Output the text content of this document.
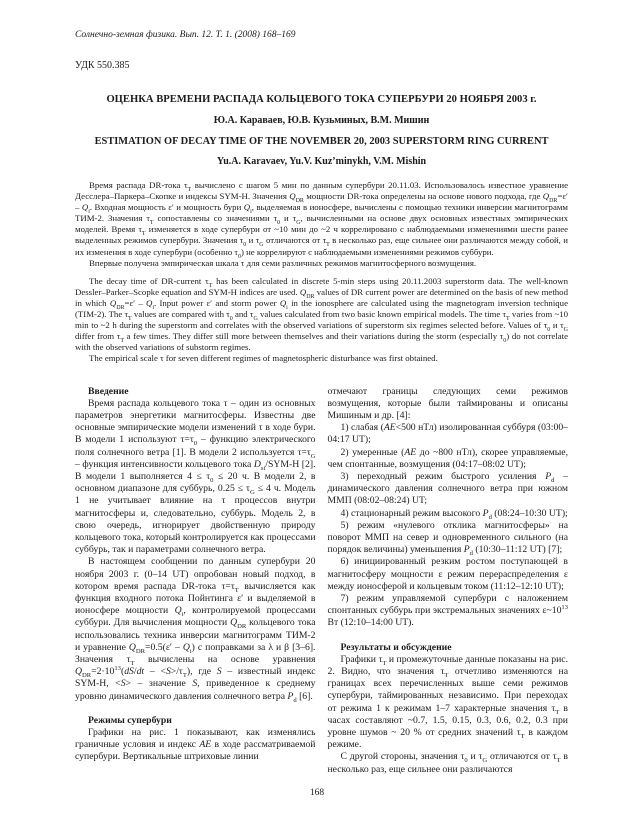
Солнечно-земная физика. Вып. 12. Т. 1. (2008) 168–169
УДК 550.385
ОЦЕНКА ВРЕМЕНИ РАСПАДА КОЛЬЦЕВОГО ТОКА СУПЕРБУРИ 20 НОЯБРЯ 2003 г.
Ю.А. Караваев, Ю.В. Кузьминых, В.М. Мишин
ESTIMATION OF DECAY TIME OF THE NOVEMBER 20, 2003 SUPERSTORM RING CURRENT
Yu.A. Karavaev, Yu.V. Kuz’minykh, V.M. Mishin

Время распада DR-тока $\tau_Т$ вычислено с шагом 5 мин по данным супербури 20.11.03. Использовалось известное уравнение Десслера–Паркера–Скопке и индексы SYM-H. Значения $Q_{DR}$ мощности DR-тока определены на основе нового подхода, где $Q_{DR}=\varepsilon' - Q_i$. Входная мощность ε′ и мощность бури $Q_i$, выделяемая в ионосфере, вычислены с помощью техники инверсии магнитограмм ТИМ-2. Значения $\tau_Т$ сопоставлены со значениями $\tau_0$ и $\tau_G$, вычисленными на основе двух основных известных эмпирических моделей. Время $\tau_Т$ изменяется в ходе супербури от ~10 мин до ~2 ч коррелировано с наблюдаемыми изменениями шести ранее выделенных режимов супербури. Значения $\tau_0$ и $\tau_G$ отличаются от $\tau_Т$ в несколько раз, еще сильнее они различаются между собой, и их изменения в ходе супербури (особенно $\tau_0$) не коррелируют с наблюдаемыми изменениями режимов суббури.

Впервые получена эмпирическая шкала τ для семи различных режимов магнитосферного возмущения.

The decay time of DR-current $\tau_T$ has been calculated in discrete 5-min steps using 20.11.2003 superstorm data. The well-known Dessler–Parker–Scopke equation and SYM-H indices are used. $Q_{DR}$ values of DR current power are determined on the basis of new method in which $Q_{DR}=\varepsilon' - Q_i$. Input power ε′ and storm power $Q_i$ in the ionosphere are calculated using the magnetogram inversion technique (TIM-2). The $\tau_T$ values are compared with $\tau_0$ and $\tau_G$ values calculated from two basic known empirical models. The time $\tau_T$ varies from ~10 min to ~2 h during the superstorm and correlates with the observed variations of superstorm six regimes selected before. Values of $\tau_0$ и $\tau_G$ differ from $\tau_T$ a few times. They differ still more between themselves and their variations during the storm (especially $\tau_0$) do not correlate with the observed variations of substorm regimes.

The empirical scale τ for seven different regimes of magnetospheric disturbance was first obtained.

Введение

Время распада кольцевого тока τ – один из основных параметров энергетики магнитосферы. Известны две основные эмпирические модели изменений τ в ходе бури. В модели 1 используют $\tau=\tau_0$ – функцию электрического поля солнечного ветра [1]. В модели 2 используется $\tau=\tau_G$ – функция интенсивности кольцевого тока $D_{st}/SYM-H$ [2]. В модели 1 выполняется $4 \le \tau_0 \le 20$ ч. В модели 2, в основном диапазоне для суббурь, $0.25 \le \tau_G \le 4$ ч. Модель 1 не учитывает влияние на τ процессов внутри магнитосферы и, следовательно, суббурь. Модель 2, в свою очередь, игнорирует двойственную природу кольцевого тока, который контролируется как процессами суббурь, так и параметрами солнечного ветра.

В настоящем сообщении по данным супербури 20 ноября 2003 г. (0–14 UT) опробован новый подход, в котором время распада DR-тока $\tau=\tau_Т$ вычисляется как функция входного потока Пойнтинга ε′ и выделяемой в ионосфере мощности $Q_i$, контролируемой процессами суббури. Для вычисления мощности $Q_{DR}$ кольцевого тока использовались техника инверсии магнитограмм ТИМ-2 и уравнение $Q_{DR}=0.5(\varepsilon' - Q_i)$ с поправками за λ и β [3–6]. Значения $\tau_Т$ вычислены на основе уравнения $Q_{DR}=2\cdot 10^{13}(dS/dt - <S>/\tau_Т)$, где S – известный индекс SYM-H, <S> – значение S, приведенное к среднему уровню динамического давления солнечного ветра $P_d$ [6].

Режимы супербури

Графики на рис. 1 показывают, как изменялись граничные условия и индекс AE в ходе рассматриваемой супербури. Вертикальные штриховые линии

отмечают границы следующих семи режимов возмущения, которые были таймированы и описаны Мишиным и др. [4]:

1) слабая (AE<500 нТл) изолированная суббуря (03:00–04:17 UT);

2) умеренные (AE до ~800 нТл), скорее управляемые, чем спонтанные, возмущения (04:17–08:02 UT);

3) переходный режим быстрого усиления $P_d$ – динамического давления солнечного ветра при южном ММП (08:02–08:24) UT;

4) стационарный режим высокого $P_d$ (08:24–10:30 UT);

5) режим «нулевого отклика магнитосферы» на поворот ММП на север и одновременного сильного (на порядок величины) уменьшения $P_d$ (10:30–11:12 UT) [7];

6) инициированный резким ростом поступающей в магнитосферу мощности ε режим перераспределения ε между ионосферой и кольцевым током (11:12–12:10 UT);

7) режим управляемой супербури с наложением спонтанных суббурь при экстремальных значениях $\varepsilon\sim 10^{13}$ Вт (12:10–14:00 UT).

Результаты и обсуждение

Графики $\tau_Т$ и промежуточные данные показаны на рис. 2. Видно, что значения $\tau_Т$ отчетливо изменяются на границах всех перечисленных выше семи режимов супербури, таймированных независимо. При переходах от режима 1 к режимам 1–7 характерные значения $\tau_Т$ в часах составляют ~0.7, 1.5, 0.15, 0.3, 0.6, 0.2, 0.3 при уровне шумов ~ 20 % от средних значений $\tau_Т$ в каждом режиме.

С другой стороны, значения $\tau_0$ и $\tau_G$ отличаются от $\tau_Т$ в несколько раз, еще сильнее они различаются

168
